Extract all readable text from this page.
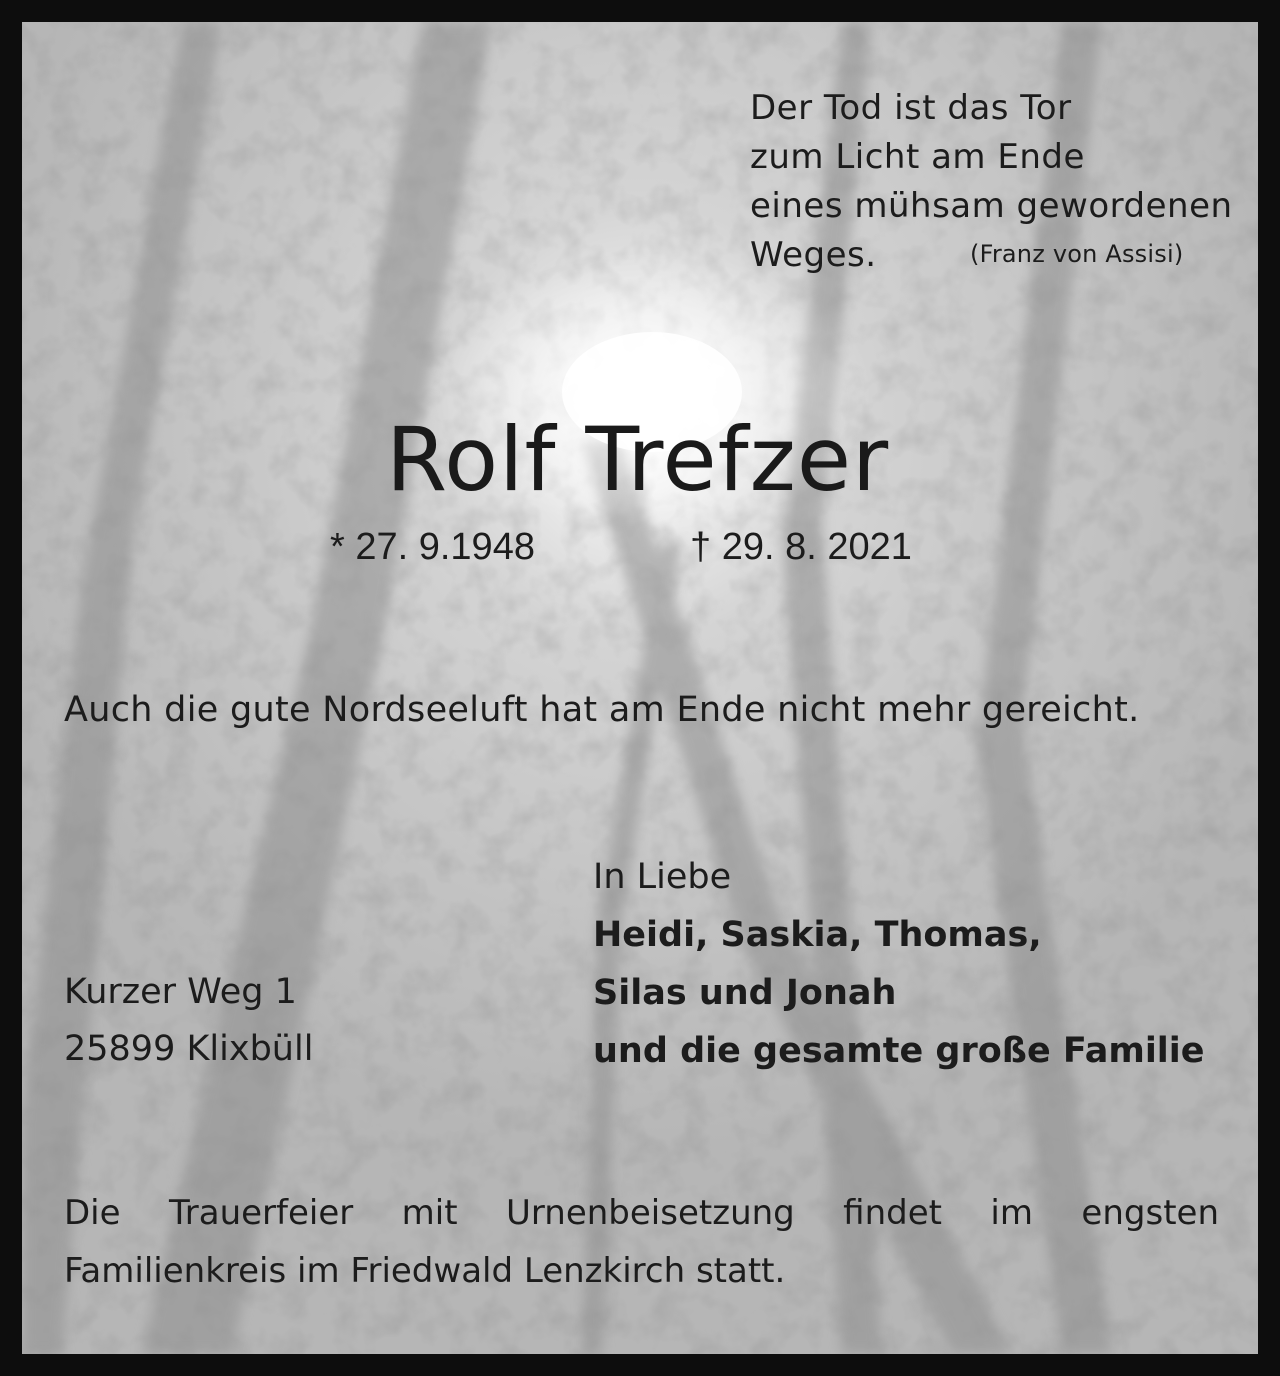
Der Tod ist das Tor
zum Licht am Ende
eines mühsam gewordenen
Weges.	(Franz von Assisi)
Rolf Trefzer
* 27. 9.1948	† 29. 8. 2021
Auch die gute Nordseeluft hat am Ende nicht mehr gereicht.
In Liebe
Heidi, Saskia, Thomas,
Silas und Jonah
und die gesamte große Familie
Kurzer Weg 1
25899 Klixbüll
Die Trauerfeier mit Urnenbeisetzung findet im engsten Familienkreis im Friedwald Lenzkirch statt.
